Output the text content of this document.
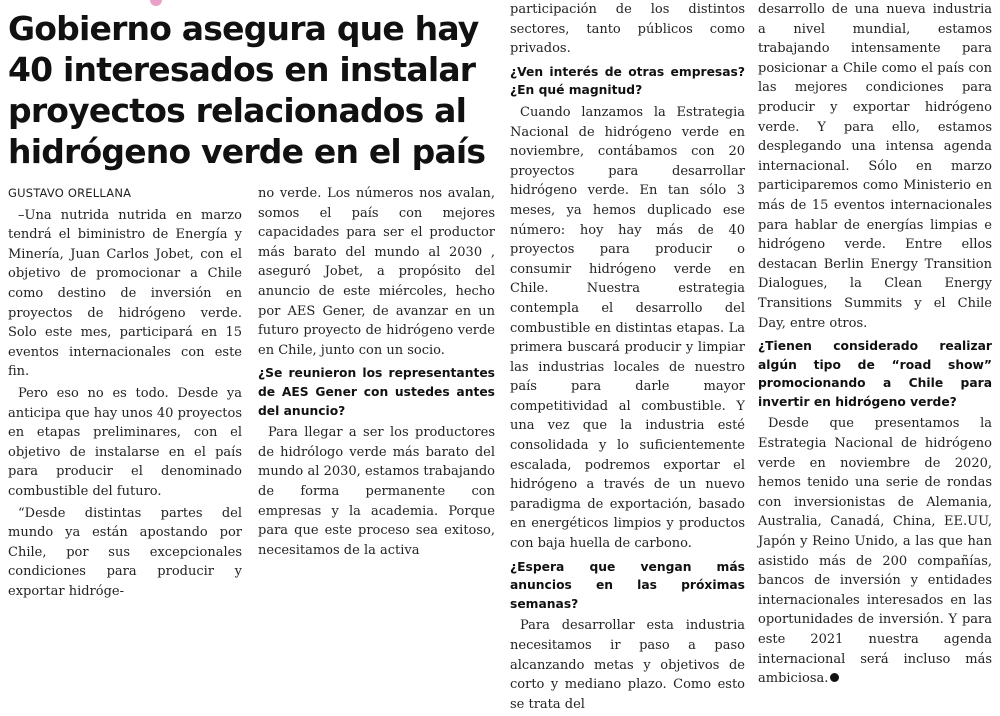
Gobierno asegura que hay 40 interesados en instalar proyectos relacionados al hidrógeno verde en el país
GUSTAVO ORELLANA

–Una nutrida nutrida en marzo tendrá el biministro de Energía y Minería, Juan Carlos Jobet, con el objetivo de promocionar a Chile como destino de inversión en proyectos de hidrógeno verde. Solo este mes, participará en 15 eventos internacionales con este fin.

Pero eso no es todo. Desde ya anticipa que hay unos 40 proyectos en etapas preliminares, con el objetivo de instalarse en el país para producir el denominado combustible del futuro.

“Desde distintas partes del mundo ya están apostando por Chile, por sus excepcionales condiciones para producir y exportar hidróge-

no verde. Los números nos avalan, somos el país con mejores capacidades para ser el productor más barato del mundo al 2030 , aseguró Jobet, a propósito del anuncio de este miércoles, hecho por AES Gener, de avanzar en un futuro proyecto de hidrógeno verde en Chile, junto con un socio.

¿Se reunieron los representantes de AES Gener con ustedes antes del anuncio?

Para llegar a ser los productores de hidrólogo verde más barato del mundo al 2030, estamos trabajando de forma permanente con empresas y la academia. Porque para que este proceso sea exitoso, necesitamos de la activa

participación de los distintos sectores, tanto públicos como privados.

¿Ven interés de otras empresas? ¿En qué magnitud?

Cuando lanzamos la Estrategia Nacional de hidrógeno verde en noviembre, contábamos con 20 proyectos para desarrollar hidrógeno verde. En tan sólo 3 meses, ya hemos duplicado ese número: hoy hay más de 40 proyectos para producir o consumir hidrógeno verde en Chile. Nuestra estrategia contempla el desarrollo del combustible en distintas etapas. La primera buscará producir y limpiar las industrias locales de nuestro país para darle mayor competitividad al combustible. Y una vez que la industria esté consolidada y lo suficientemente escalada, podremos exportar el hidrógeno a través de un nuevo paradigma de exportación, basado en energéticos limpios y productos con baja huella de carbono.

¿Espera que vengan más anuncios en las próximas semanas?

Para desarrollar esta industria necesitamos ir paso a paso alcanzando metas y objetivos de corto y mediano plazo. Como esto se trata del

desarrollo de una nueva industria a nivel mundial, estamos trabajando intensamente para posicionar a Chile como el país con las mejores condiciones para producir y exportar hidrógeno verde. Y para ello, estamos desplegando una intensa agenda internacional. Sólo en marzo participaremos como Ministerio en más de 15 eventos internacionales para hablar de energías limpias e hidrógeno verde. Entre ellos destacan Berlin Energy Transition Dialogues, la Clean Energy Transitions Summits y el Chile Day, entre otros.

¿Tienen considerado realizar algún tipo de “road show” promocionando a Chile para invertir en hidrógeno verde?

Desde que presentamos la Estrategia Nacional de hidrógeno verde en noviembre de 2020, hemos tenido una serie de rondas con inversionistas de Alemania, Australia, Canadá, China, EE.UU, Japón y Reino Unido, a las que han asistido más de 200 compañías, bancos de inversión y entidades internacionales interesados en las oportunidades de inversión. Y para este 2021 nuestra agenda internacional será incluso más ambiciosa.
